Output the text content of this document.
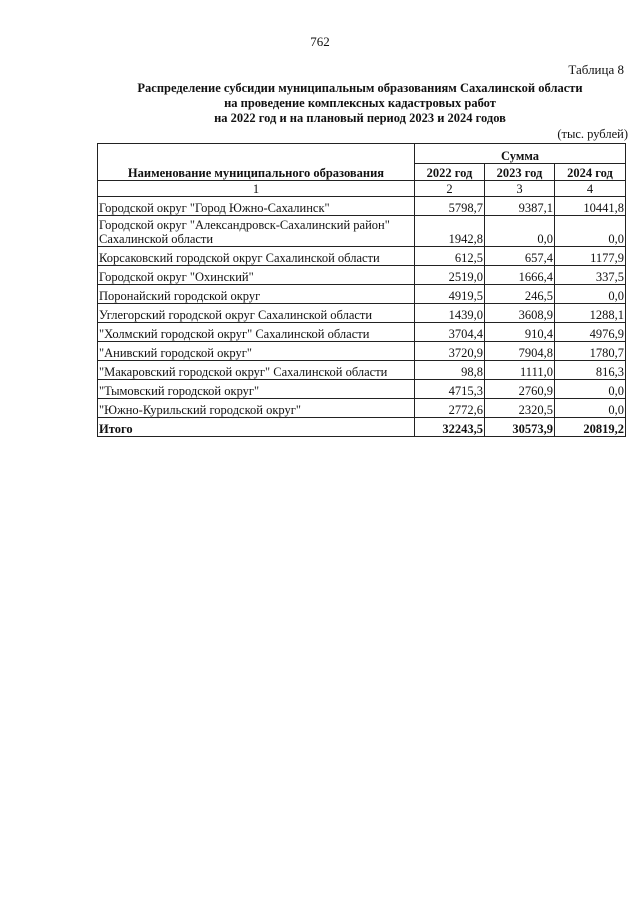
762
Таблица 8
Распределение субсидии муниципальным образованиям Сахалинской области
на проведение комплексных кадастровых работ
на 2022 год и на плановый период 2023 и 2024 годов
(тыс. рублей)
Наименование муниципального образования	Сумма		
	2022 год	2023 год	2024 год
1	2	3	4
Городской округ "Город Южно-Сахалинск"	5798,7	9387,1	10441,8
Городской округ "Александровск-Сахалинский район" Сахалинской области	1942,8	0,0	0,0
Корсаковский городской округ Сахалинской области	612,5	657,4	1177,9
Городской округ "Охинский"	2519,0	1666,4	337,5
Поронайский городской округ	4919,5	246,5	0,0
Углегорский городской округ Сахалинской области	1439,0	3608,9	1288,1
"Холмский городской округ" Сахалинской области	3704,4	910,4	4976,9
"Анивский городской округ"	3720,9	7904,8	1780,7
"Макаровский городской округ" Сахалинской области	98,8	1111,0	816,3
"Тымовский городской округ"	4715,3	2760,9	0,0
"Южно-Курильский городской округ"	2772,6	2320,5	0,0
Итого	32243,5	30573,9	20819,2
